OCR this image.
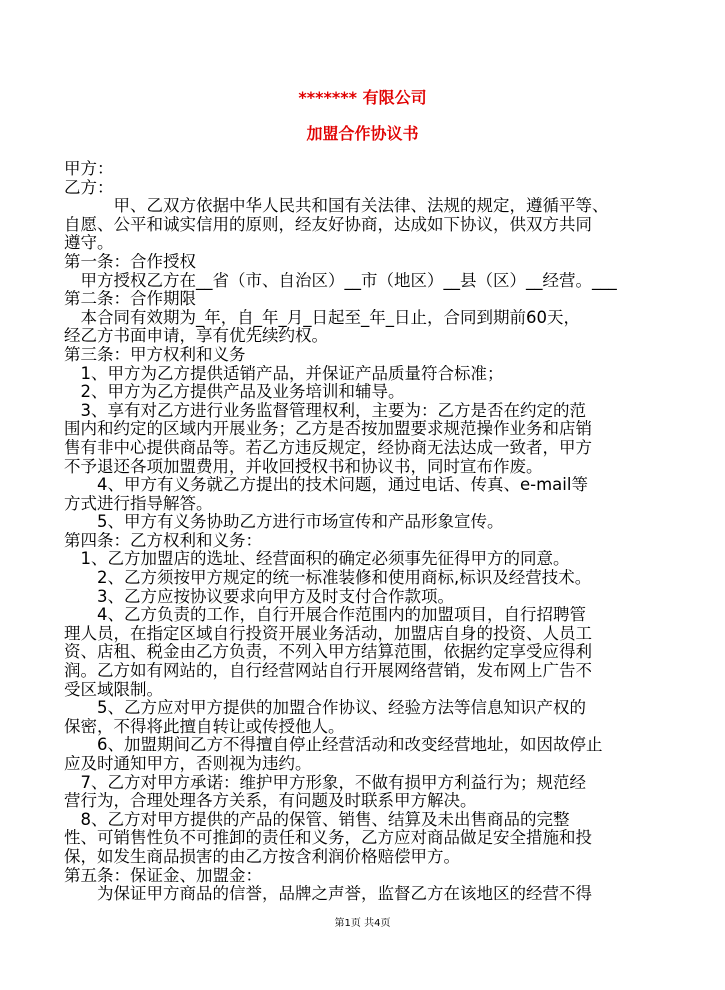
******* 有限公司
加盟合作协议书

甲方：

乙方：

　　　甲、乙双方依据中华人民共和国有关法律、法规的规定，遵循平等、

自愿、公平和诚实信用的原则，经友好协商，达成如下协议，供双方共同

遵守。

第一条：合作授权

　甲方授权乙方在__省（市、自治区）__市（地区）__县（区）__经营。___

第二条：合作期限

　本合同有效期为_年，自_年_月_日起至_年_日止，合同到期前60天，

经乙方书面申请，享有优先续约权。

第三条：甲方权利和义务

　1、甲方为乙方提供适销产品，并保证产品质量符合标准；

　2、甲方为乙方提供产品及业务培训和辅导。

　3、享有对乙方进行业务监督管理权利，主要为：乙方是否在约定的范

围内和约定的区域内开展业务；乙方是否按加盟要求规范操作业务和店销

售有非中心提供商品等。若乙方违反规定，经协商无法达成一致者，甲方

不予退还各项加盟费用，并收回授权书和协议书，同时宣布作废。

　　4、甲方有义务就乙方提出的技术问题，通过电话、传真、e-mail等

方式进行指导解答。

　　5、甲方有义务协助乙方进行市场宣传和产品形象宣传。

第四条：乙方权利和义务：

　1、乙方加盟店的选址、经营面积的确定必须事先征得甲方的同意。

　　2、乙方须按甲方规定的统一标准装修和使用商标,标识及经营技术。

　　3、乙方应按协议要求向甲方及时支付合作款项。

　　4、乙方负责的工作，自行开展合作范围内的加盟项目，自行招聘管

理人员，在指定区域自行投资开展业务活动，加盟店自身的投资、人员工

资、店租、税金由乙方负责，不列入甲方结算范围，依据约定享受应得利

润。乙方如有网站的，自行经营网站自行开展网络营销，发布网上广告不

受区域限制。

　　5、乙方应对甲方提供的加盟合作协议、经验方法等信息知识产权的

保密，不得将此擅自转让或传授他人。

　　6、加盟期间乙方不得擅自停止经营活动和改变经营地址，如因故停止

应及时通知甲方，否则视为违约。

　7、乙方对甲方承诺：维护甲方形象，不做有损甲方利益行为；规范经

营行为，合理处理各方关系，有问题及时联系甲方解决。

　8、乙方对甲方提供的产品的保管、销售、结算及未出售商品的完整

性、可销售性负不可推卸的责任和义务，乙方应对商品做足安全措施和投

保，如发生商品损害的由乙方按含利润价格赔偿甲方。

第五条：保证金、加盟金：

　　为保证甲方商品的信誉，品牌之声誉，监督乙方在该地区的经营不得

第1页 共4页
